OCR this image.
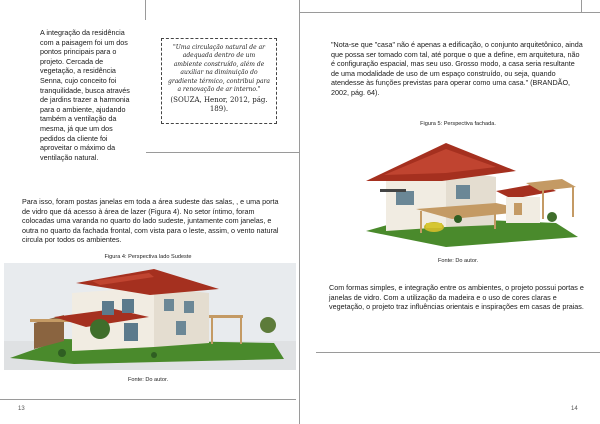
A integração da residência com a paisagem foi um dos pontos principais para o projeto. Cercada de vegetação, a residência Senna, cujo conceito foi tranquilidade, busca através de jardins trazer a harmonia para o ambiente, ajudando também a ventilação da mesma, já que um dos pedidos da cliente foi aproveitar o máximo da ventilação natural.
"Uma circulação natural de ar adequada dentro de um ambiente construído, além de auxiliar na diminuição do gradiente térmico, contribui para a renovação de ar interno."
(SOUZA, Henor, 2012, pág. 189).
Para isso, foram postas janelas em toda a área sudeste das salas, , e uma porta de vidro que dá acesso à área de lazer (Figura 4). No setor íntimo, foram colocadas uma varanda no quarto do lado sudeste, juntamente com janelas, e outra no quarto da fachada frontal, com vista para o leste, assim, o vento natural circula por todos os ambientes.
Figura 4: Perspectiva lado Sudeste
Fonte: Do autor.
13
"Nota-se que "casa" não é apenas a edificação, o conjunto arquitetônico, ainda que possa ser tomado com tal, até porque o que a define, em arquitetura, não é configuração espacial, mas seu uso. Grosso modo, a casa seria resultante de uma modalidade de uso de um espaço construído, ou seja, quando atendesse às funções previstas para operar como uma casa." (BRANDÃO, 2002, pág. 64).
Figura 5: Perspectiva fachada.
Fonte: Do autor.
Com formas simples, e integração entre os ambientes, o projeto possui portas e janelas de vidro. Com a utilização da madeira e o uso de cores claras e vegetação, o projeto traz influências orientais e inspirações em casas de praias.
14
